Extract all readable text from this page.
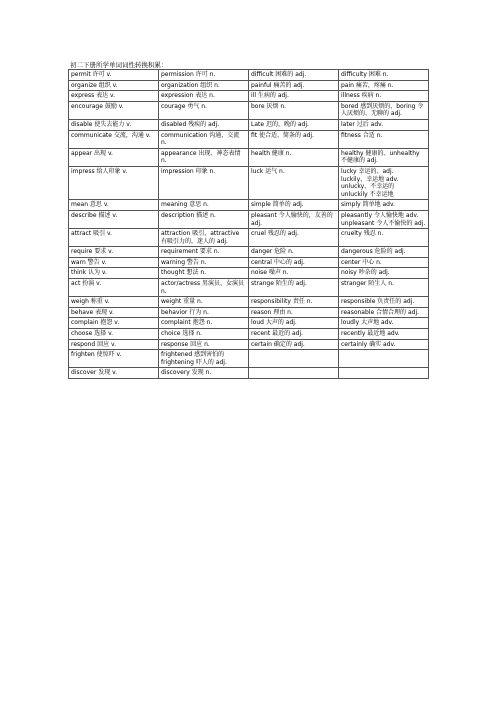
初二下册所学单词词性转换积累：
permit 许可 v.	permission 许可 n.	difficult 困难的 adj.	difficulty 困难 n.

organize 组织 v.	organization 组织 n.	painful 痛苦的 adj.	pain 痛苦，疼痛 n.

express 表达 v.	expression 表达 n.	ill 生病的 adj.	illness 疾病 n.

encourage 鼓励 v.	courage 勇气 n.	bore 厌烦 n.	bored 感到厌烦的、boring 令人厌烦的、无聊的 adj.

disable 使失去能力 v.	disabled 残疾的 adj.	Late 迟的，晚的 adj.	later 过后 adv.

communicate 交流，沟通 v.	communication 沟通，交流 n.	fit 使合适、简条的 adj.	fitness 合适 n.

appear 出现 v.	appearance 出现、神态表情 n.	health 健康 n.	healthy 健康的、unhealthy 不健康的 adj.

impress 给人印象 v.	impression 印象 n.	luck 运气 n.	lucky 幸运的、adj.
luckily、幸运地 adv.
unlucky、不幸运的
unluckily 不幸运地

mean 意思 v.	meaning 意思 n.	simple 简单的 adj.	simply 简单地 adv.

describe 描述 v.	description 描述 n.	pleasant 令人愉快的，友善的 adj.	pleasantly 令人愉快地 adv.
unpleasant 令人不愉快的 adj.

attract 吸引 v.	attraction 吸引、attractive 有吸引力的，迷人的 adj.	cruel 残忍的 adj.	cruelty 残忍 n.

require 要求 v.	requirement 要求 n.	danger 危险 n.	dangerous 危险的 adj.

warn 警告 v.	warning 警告 n.	central 中心的 adj.	center 中心 n.

think 认为 v.	thought 想法 n.	noise 噪声 n.	noisy 吵杂的 adj.

act 扮演 v.	actor/actress 男演员、女演员 n.	strange 陌生的 adj.	stranger 陌生人 n.

weigh 称重 v.	weight 重量 n.	responsibility 责任 n.	responsible 负责任的 adj.

behave 表现 v.	behavior 行为 n.	reason 理由 n.	reasonable 合情合理的 adj.

complain 抱怨 v.	complaint 抱怨 n.	loud 大声的 adj.	loudly 大声地 adv.

choose 选择 v.	choice 选择 n.	recent 最近的 adj.	recently 最近地 adv.

respond 回应 v.	response 回应 n.	certain 确定的 adj.	certainly 确实 adv.

frighten 使惊吓 v.	frightened 感到害怕的
frightening 吓人的 adj.		

discover 发现 v.	discovery 发现 n.		
